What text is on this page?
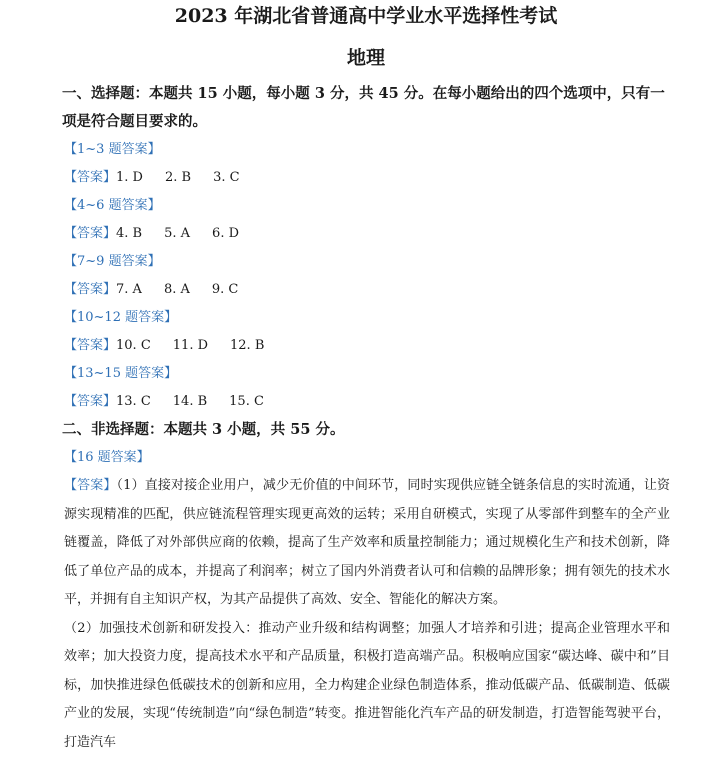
2023 年湖北省普通高中学业水平选择性考试
地理

一、选择题：本题共 15 小题，每小题 3 分，共 45 分。在每小题给出的四个选项中，只有一

项是符合题目要求的。

【1~3 题答案】

【答案】1. D 2. B 3. C

【4~6 题答案】

【答案】4. B 5. A 6. D

【7~9 题答案】

【答案】7. A 8. A 9. C

【10~12 题答案】

【答案】10. C 11. D 12. B

【13~15 题答案】

【答案】13. C 14. B 15. C

二、非选择题：本题共 3 小题，共 55 分。

【16 题答案】

【答案】（1）直接对接企业用户，减少无价值的中间环节，同时实现供应链全链条信息的实时流通，让资源实现精准的匹配，供应链流程管理实现更高效的运转；采用自研模式，实现了从零部件到整车的全产业链覆盖，降低了对外部供应商的依赖，提高了生产效率和质量控制能力；通过规模化生产和技术创新，降低了单位产品的成本，并提高了利润率；树立了国内外消费者认可和信赖的品牌形象；拥有领先的技术水平，并拥有自主知识产权，为其产品提供了高效、安全、智能化的解决方案。

（2）加强技术创新和研发投入：推动产业升级和结构调整；加强人才培养和引进；提高企业管理水平和效率；加大投资力度，提高技术水平和产品质量，积极打造高端产品。积极响应国家“碳达峰、碳中和”目标，加快推进绿色低碳技术的创新和应用，全力构建企业绿色制造体系，推动低碳产品、低碳制造、低碳产业的发展，实现“传统制造”向“绿色制造”转变。推进智能化汽车产品的研发制造，打造智能驾驶平台，打造汽车
